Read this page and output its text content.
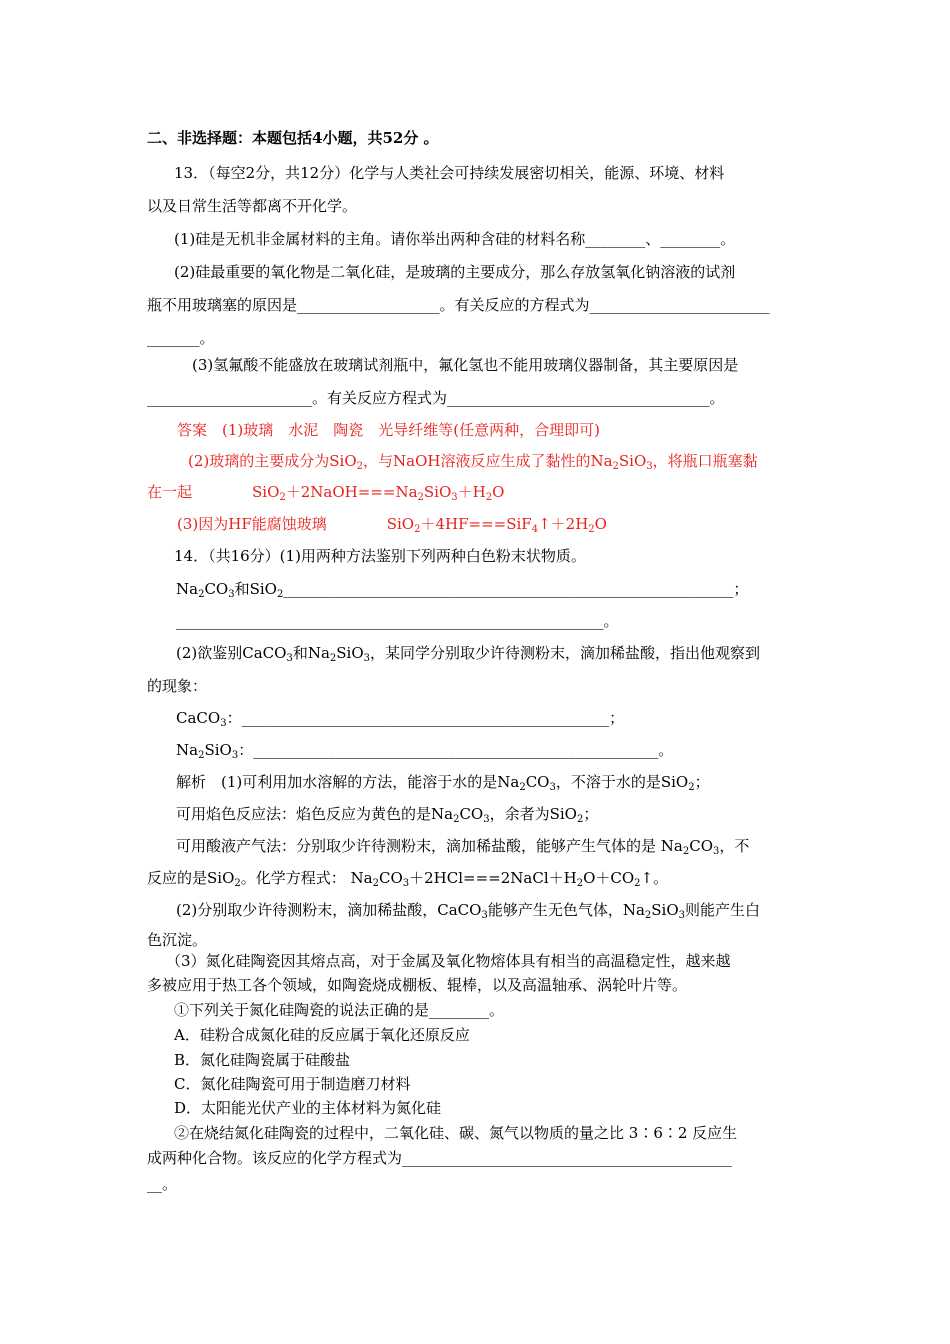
二、非选择题：本题包括4小题，共52分 。
13．（每空2分，共12分）化学与人类社会可持续发展密切相关，能源、环境、材料
以及日常生活等都离不开化学。
(1)硅是无机非金属材料的主角。请你举出两种含硅的材料名称________、________。
(2)硅最重要的氧化物是二氧化硅，是玻璃的主要成分，那么存放氢氧化钠溶液的试剂
瓶不用玻璃塞的原因是___________________。有关反应的方程式为________________________
_______。
(3)氢氟酸不能盛放在玻璃试剂瓶中，氟化氢也不能用玻璃仪器制备，其主要原因是
______________________。有关反应方程式为___________________________________。
答案　(1)玻璃　水泥　陶瓷　光导纤维等(任意两种，合理即可)
(2)玻璃的主要成分为SiO$_2$，与NaOH溶液反应生成了黏性的$Na_2SiO_3$，将瓶口瓶塞黏
在一起　　　　$SiO_2+2NaOH===Na_2SiO_3+H_2O$
(3)因为HF能腐蚀玻璃　　　　$SiO_2+4HF===SiF_4↑+2H_2O$
14．（共16分）(1)用两种方法鉴别下列两种白色粉末状物质。
$Na_2CO_3$和SiO$_2$____________________________________________________________；
_________________________________________________________。
(2)欲鉴别CaCO$_3$和$Na_2SiO_3$，某同学分别取少许待测粉末，滴加稀盐酸，指出他观察到
的现象：
CaCO$_3$：_________________________________________________；
$Na_2SiO_3$：______________________________________________________。
解析　(1)可利用加水溶解的方法，能溶于水的是$Na_2CO_3$，不溶于水的是SiO$_2$；
可用焰色反应法：焰色反应为黄色的是$Na_2CO_3$，余者为SiO$_2$；
可用酸液产气法：分别取少许待测粉末，滴加稀盐酸，能够产生气体的是 $Na_2CO_3$，不
反应的是SiO$_2$。化学方程式： $Na_2CO_3+2HCl===2NaCl+H_2O+CO_2↑$。
(2)分别取少许待测粉末，滴加稀盐酸，CaCO$_3$能够产生无色气体，$Na_2SiO_3$则能产生白
色沉淀。
（3）氮化硅陶瓷因其熔点高，对于金属及氧化物熔体具有相当的高温稳定性，越来越
多被应用于热工各个领域，如陶瓷烧成棚板、辊棒，以及高温轴承、涡轮叶片等。
①下列关于氮化硅陶瓷的说法正确的是________。
A．硅粉合成氮化硅的反应属于氧化还原反应
B．氮化硅陶瓷属于硅酸盐
C．氮化硅陶瓷可用于制造磨刀材料
D．太阳能光伏产业的主体材料为氮化硅
②在烧结氮化硅陶瓷的过程中，二氧化硅、碳、氮气以物质的量之比 3∶6∶2 反应生
成两种化合物。该反应的化学方程式为____________________________________________
__。
